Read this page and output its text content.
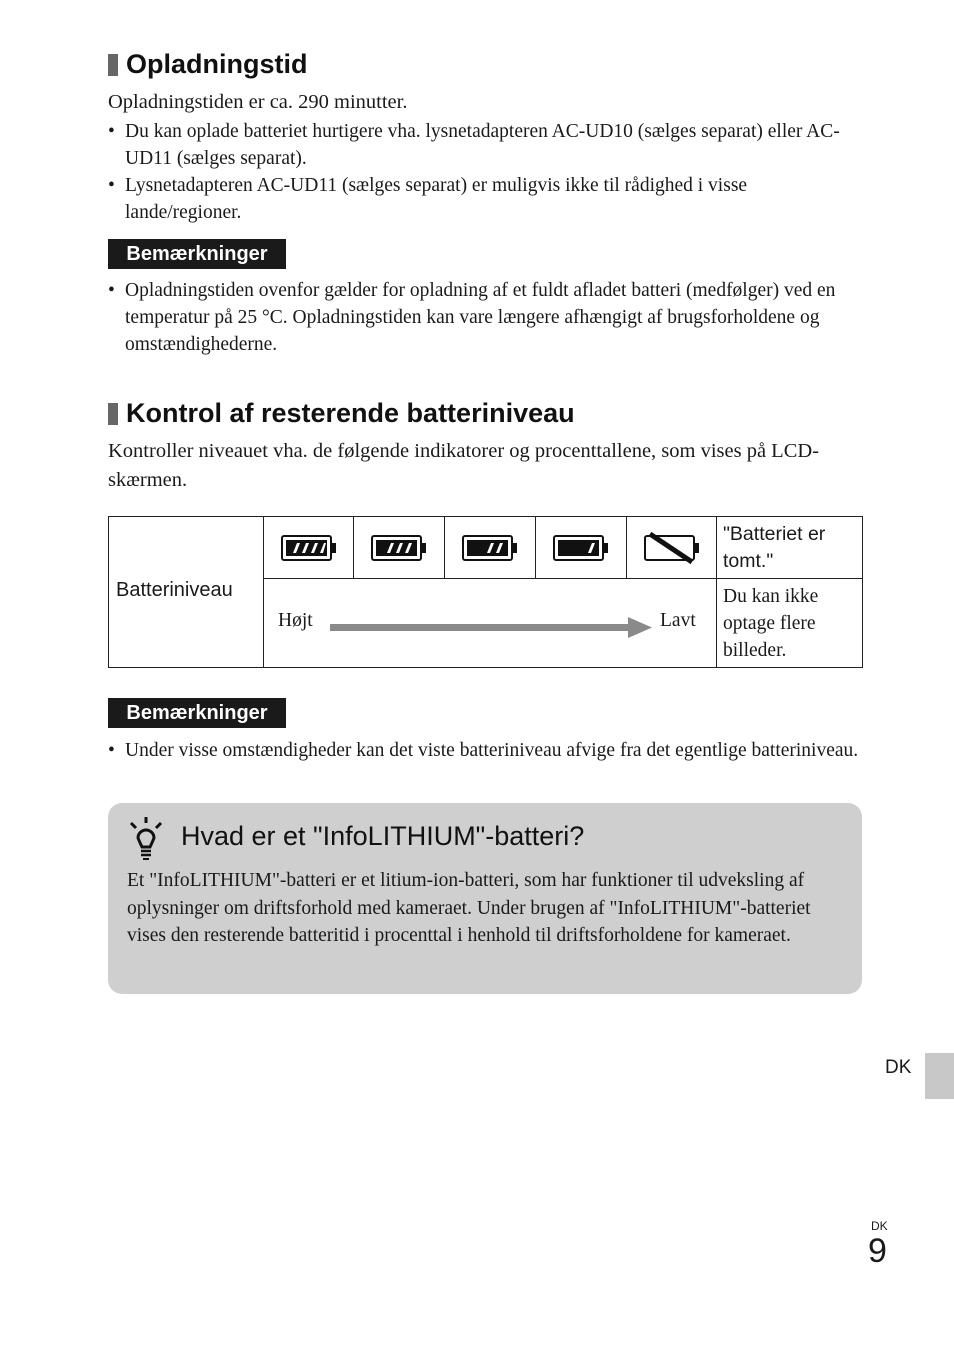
Opladningstid

Opladningstiden er ca. 290 minutter.

• Du kan oplade batteriet hurtigere vha. lysnetadapteren AC-UD10 (sælges separat) eller AC-UD11 (sælges separat).
• Lysnetadapteren AC-UD11 (sælges separat) er muligvis ikke til rådighed i visse lande/regioner.
Bemærkninger
• Opladningstiden ovenfor gælder for opladning af et fuldt afladet batteri (medfølger) ved en temperatur på 25 °C. Opladningstiden kan vare længere afhængigt af brugsforholdene og omstændighederne.
Kontrol af resterende batteriniveau

Kontroller niveauet vha. de følgende indikatorer og procenttallene, som vises på LCD-skærmen.

Batteriniveau
"Batteriet er tomt."
Højt	Lavt
Du kan ikke optage flere billeder.
Bemærkninger
• Under visse omstændigheder kan det viste batteriniveau afvige fra det egentlige batteriniveau.
Hvad er et "InfoLITHIUM"-batteri?

Et "InfoLITHIUM"-batteri er et litium-ion-batteri, som har funktioner til udveksling af oplysninger om driftsforhold med kameraet. Under brugen af "InfoLITHIUM"-batteriet vises den resterende batteritid i procenttal i henhold til driftsforholdene for kameraet.

DK
DK
9
